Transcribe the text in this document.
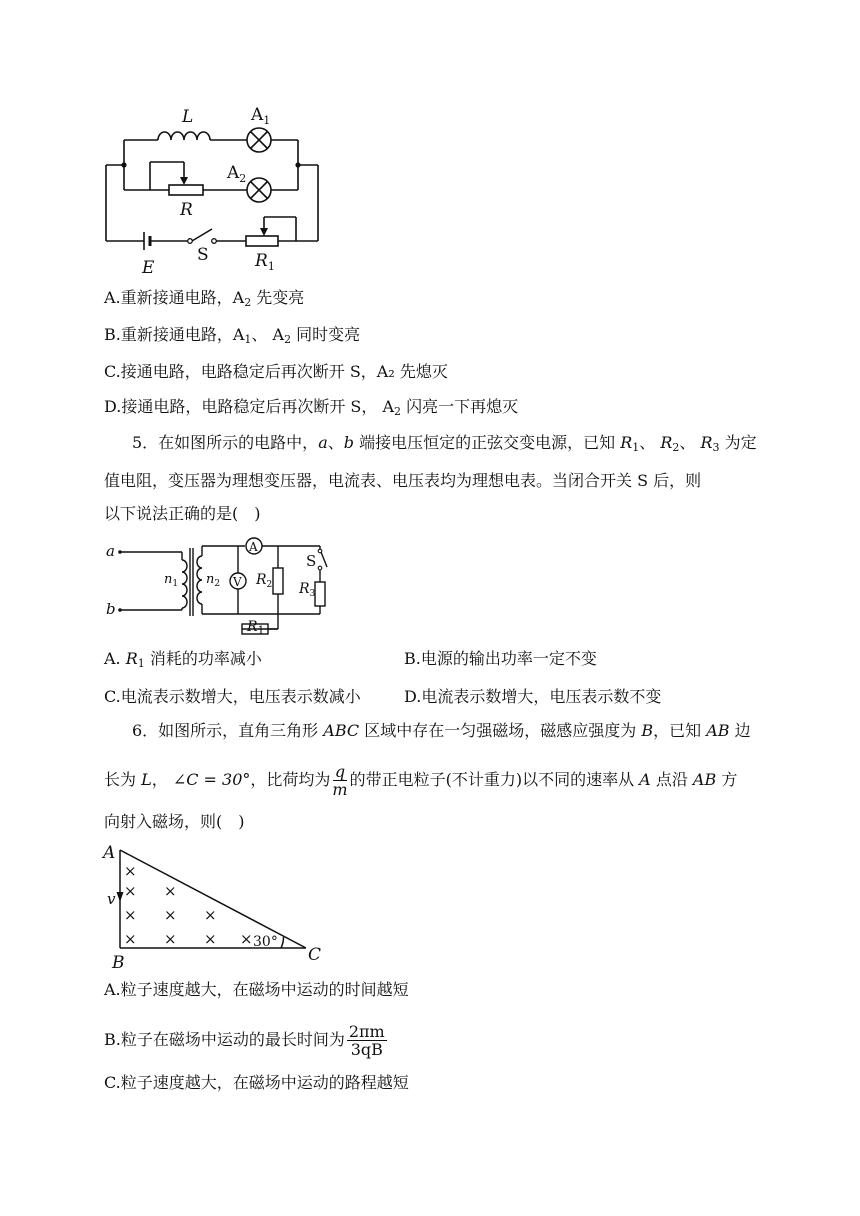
L	$A_1$
$A_2$
R
E
S	$R_1$
A.重新接通电路，$A_2$ 先变亮
B.重新接通电路，$A_1$、 $A_2$ 同时变亮
C.接通电路，电路稳定后再次断开 S，A₂ 先熄灭
D.接通电路，电路稳定后再次断开 S， $A_2$ 闪亮一下再熄灭
5．在如图所示的电路中，a、b 端接电压恒定的正弦交变电源，已知 $R_1$、 $R_2$、 $R_3$ 为定
值电阻，变压器为理想变压器，电流表、电压表均为理想电表。当闭合开关 S 后，则
以下说法正确的是(　)
a
b
$n_1$ $n_2$
A
V $R_2$
S
$R_3$
$R_1$
A. $R_1$ 消耗的功率减小	B.电源的输出功率一定不变
C.电流表示数增大，电压表示数减小	D.电流表示数增大，电压表示数不变
6．如图所示，直角三角形 ABC 区域中存在一匀强磁场，磁感应强度为 B，已知 AB 边
长为 L， ∠C = 30°，比荷均为 $\frac{q}{m}$ 的带正电粒子(不计重力)以不同的速率从 A 点沿 AB 方
向射入磁场，则(　)
×
× ×
× × ×
× × × ×
A
B	C
v
30°
A.粒子速度越大，在磁场中运动的时间越短
B.粒子在磁场中运动的最长时间为 $\frac{2\pi m}{3qB}$
C.粒子速度越大，在磁场中运动的路程越短
